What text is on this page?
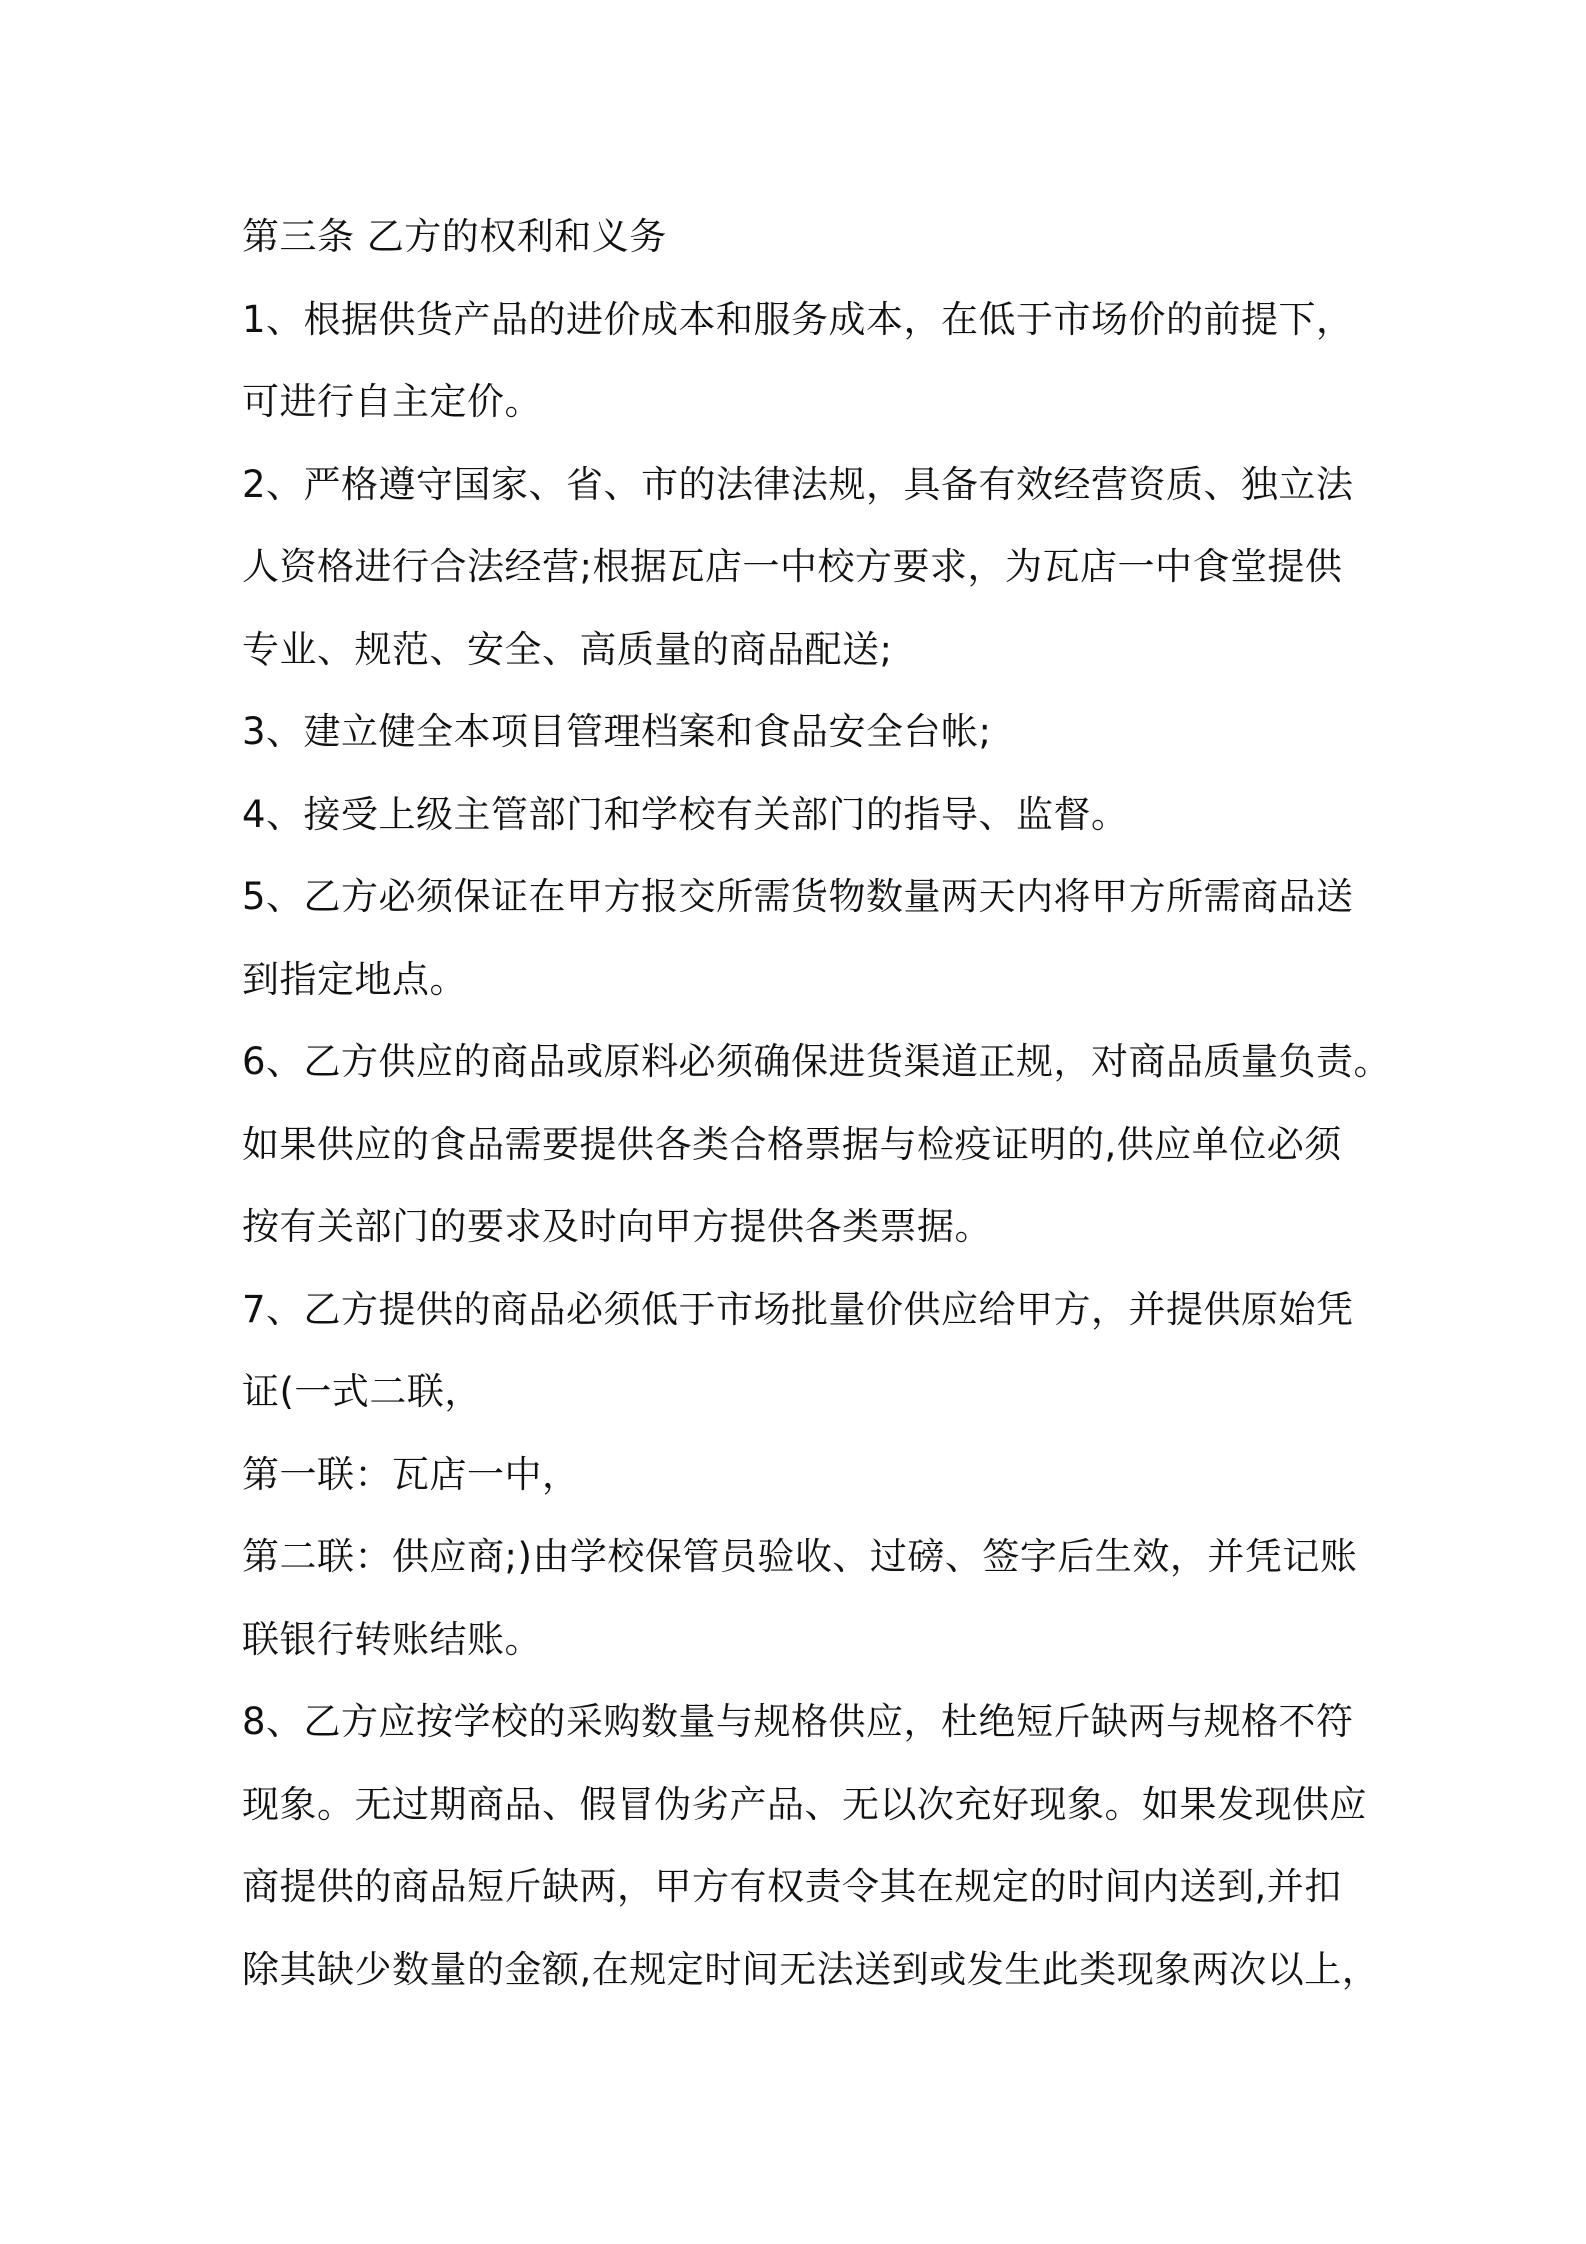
第三条 乙方的权利和义务
1、根据供货产品的进价成本和服务成本，在低于市场价的前提下，
可进行自主定价。
2、严格遵守国家、省、市的法律法规，具备有效经营资质、独立法
人资格进行合法经营;根据瓦店一中校方要求，为瓦店一中食堂提供
专业、规范、安全、高质量的商品配送;
3、建立健全本项目管理档案和食品安全台帐;
4、接受上级主管部门和学校有关部门的指导、监督。
5、乙方必须保证在甲方报交所需货物数量两天内将甲方所需商品送
到指定地点。
6、乙方供应的商品或原料必须确保进货渠道正规，对商品质量负责。
如果供应的食品需要提供各类合格票据与检疫证明的,供应单位必须
按有关部门的要求及时向甲方提供各类票据。
7、乙方提供的商品必须低于市场批量价供应给甲方，并提供原始凭
证(一式二联，
第一联：瓦店一中，
第二联：供应商;)由学校保管员验收、过磅、签字后生效，并凭记账
联银行转账结账。
8、乙方应按学校的采购数量与规格供应，杜绝短斤缺两与规格不符
现象。无过期商品、假冒伪劣产品、无以次充好现象。如果发现供应
商提供的商品短斤缺两，甲方有权责令其在规定的时间内送到,并扣
除其缺少数量的金额,在规定时间无法送到或发生此类现象两次以上，
